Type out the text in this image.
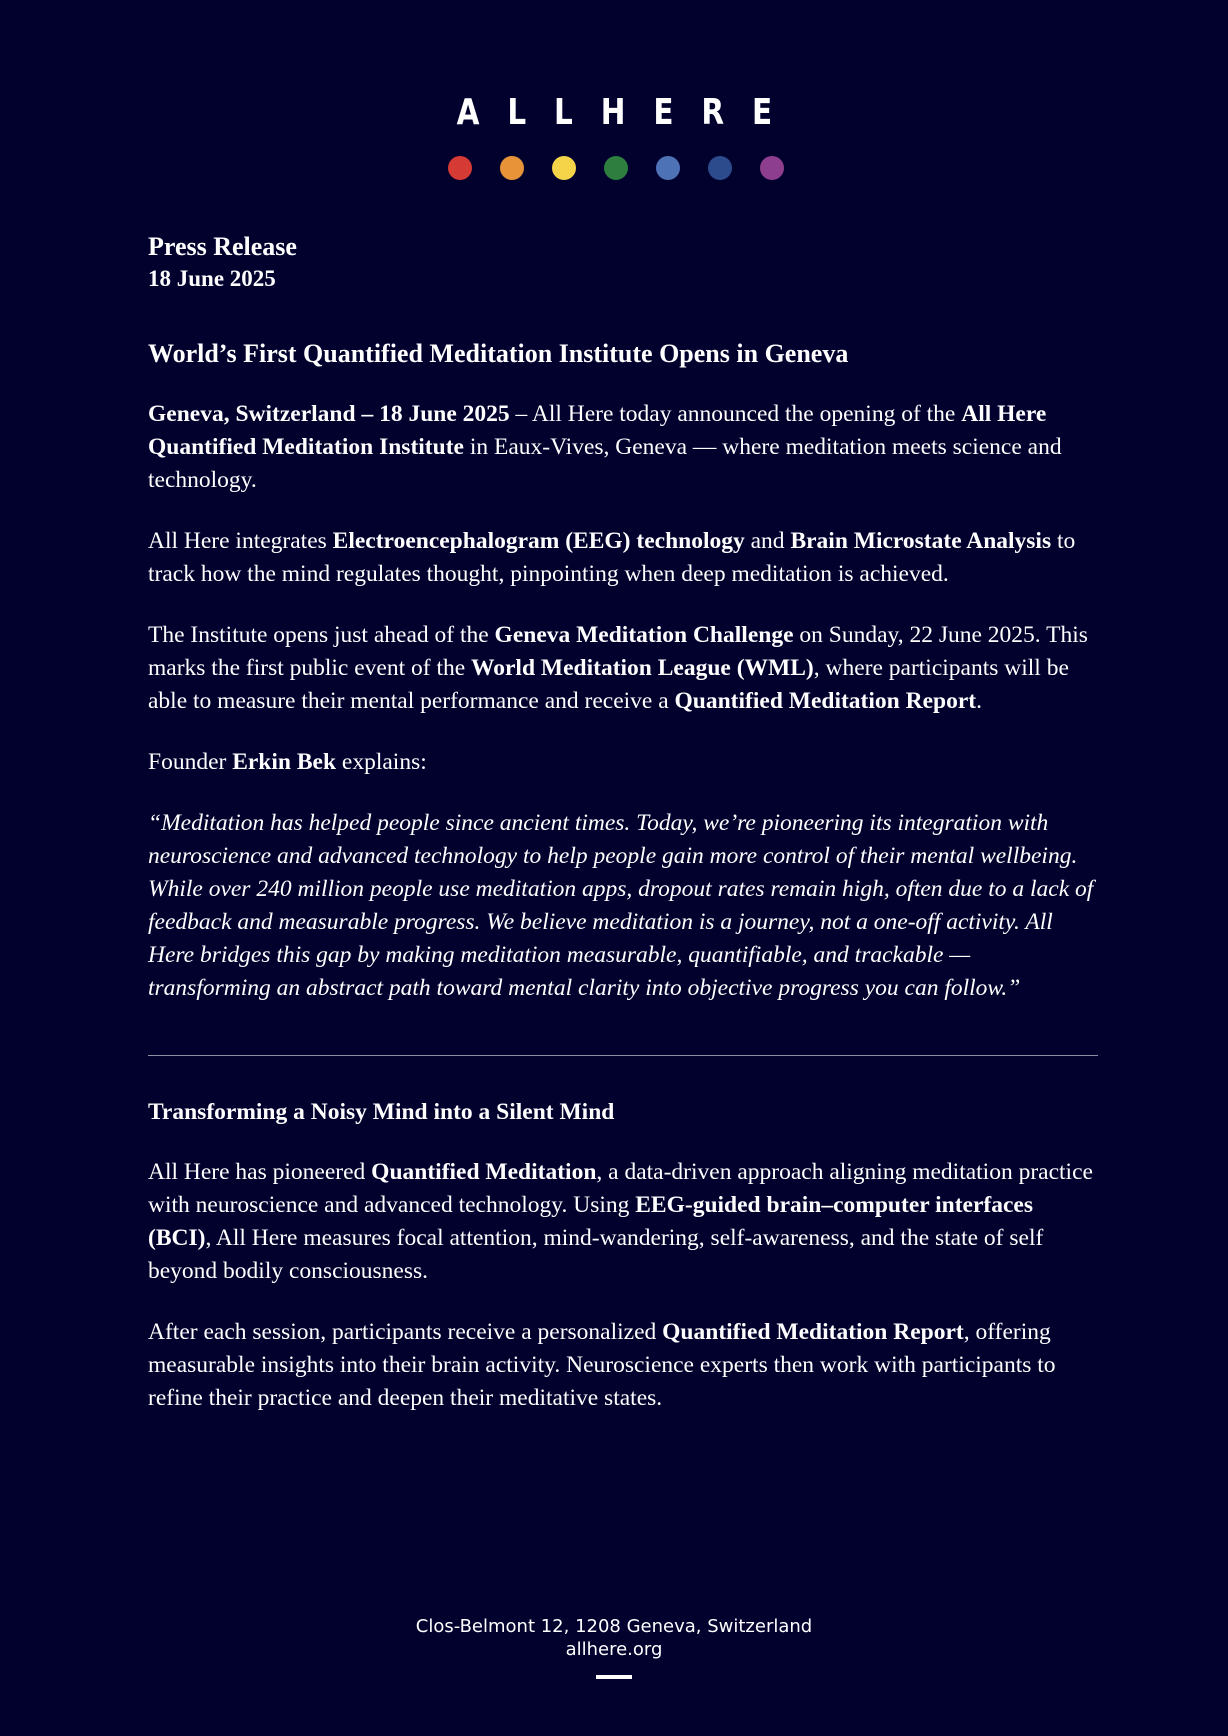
ALLHERE
Press Release
18 June 2025
World’s First Quantified Meditation Institute Opens in Geneva

Geneva, Switzerland – 18 June 2025 – All Here today announced the opening of the All Here Quantified Meditation Institute in Eaux-Vives, Geneva — where meditation meets science and technology.

All Here integrates Electroencephalogram (EEG) technology and Brain Microstate Analysis to track how the mind regulates thought, pinpointing when deep meditation is achieved.

The Institute opens just ahead of the Geneva Meditation Challenge on Sunday, 22 June 2025. This marks the first public event of the World Meditation League (WML), where participants will be able to measure their mental performance and receive a Quantified Meditation Report.

Founder Erkin Bek explains:

“Meditation has helped people since ancient times. Today, we’re pioneering its integration with neuroscience and advanced technology to help people gain more control of their mental wellbeing. While over 240 million people use meditation apps, dropout rates remain high, often due to a lack of feedback and measurable progress. We believe meditation is a journey, not a one-off activity. All Here bridges this gap by making meditation measurable, quantifiable, and trackable — transforming an abstract path toward mental clarity into objective progress you can follow.”

Transforming a Noisy Mind into a Silent Mind

All Here has pioneered Quantified Meditation, a data-driven approach aligning meditation practice with neuroscience and advanced technology. Using EEG-guided brain–computer interfaces (BCI), All Here measures focal attention, mind-wandering, self-awareness, and the state of self beyond bodily consciousness.

After each session, participants receive a personalized Quantified Meditation Report, offering measurable insights into their brain activity. Neuroscience experts then work with participants to refine their practice and deepen their meditative states.

Clos-Belmont 12, 1208 Geneva, Switzerland
allhere.org
